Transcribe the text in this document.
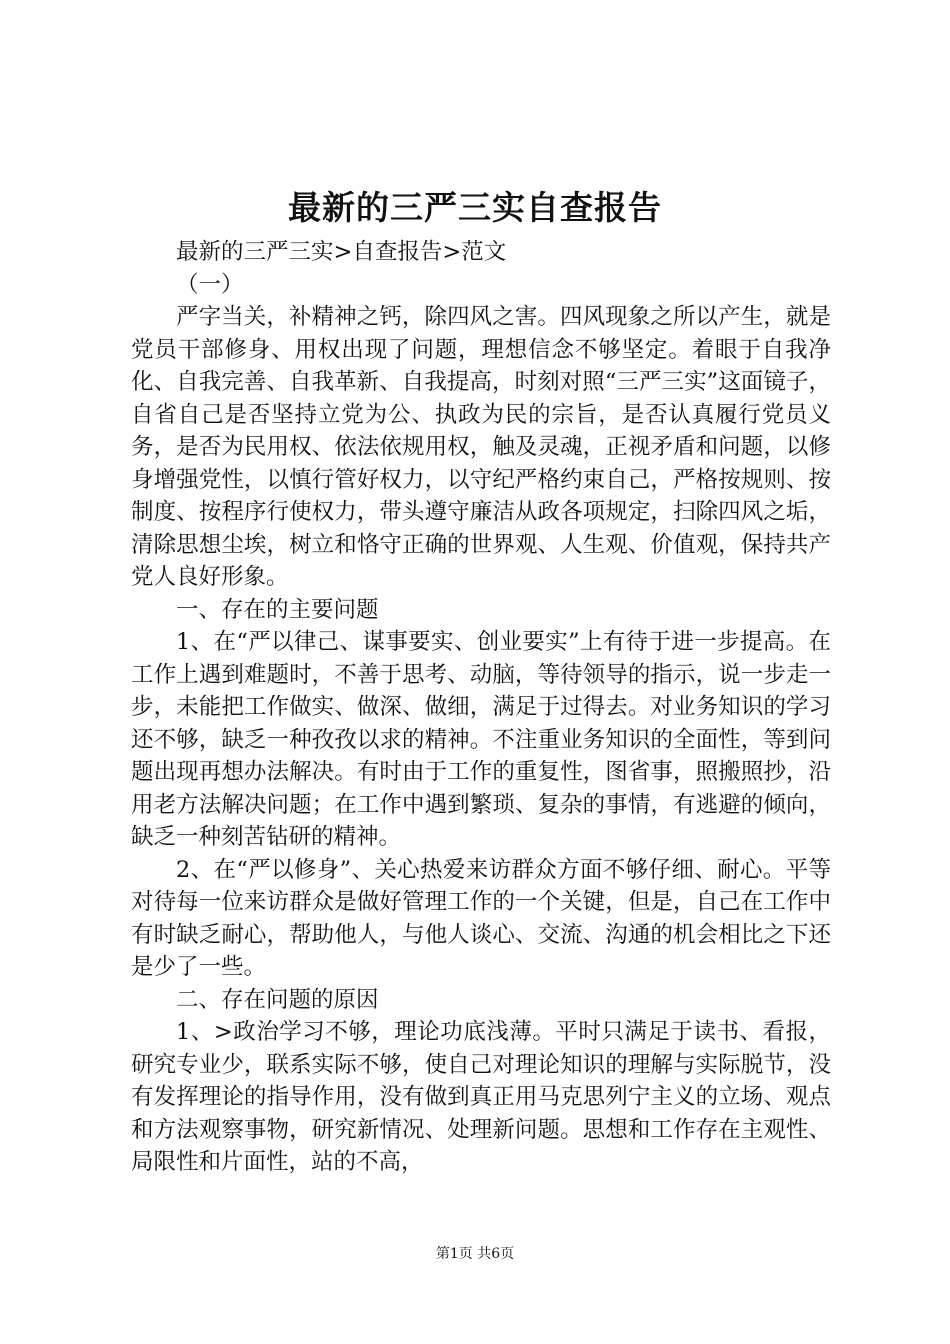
最新的三严三实自查报告

最新的三严三实>自查报告>范文

（一）

严字当关，补精神之钙，除四风之害。四风现象之所以产生，就是党员干部修身、用权出现了问题，理想信念不够坚定。着眼于自我净化、自我完善、自我革新、自我提高，时刻对照“三严三实”这面镜子，自省自己是否坚持立党为公、执政为民的宗旨，是否认真履行党员义务，是否为民用权、依法依规用权，触及灵魂，正视矛盾和问题，以修身增强党性，以慎行管好权力，以守纪严格约束自己，严格按规则、按制度、按程序行使权力，带头遵守廉洁从政各项规定，扫除四风之垢，清除思想尘埃，树立和恪守正确的世界观、人生观、价值观，保持共产党人良好形象。

一、存在的主要问题

1、在“严以律己、谋事要实、创业要实”上有待于进一步提高。在工作上遇到难题时，不善于思考、动脑，等待领导的指示，说一步走一步，未能把工作做实、做深、做细，满足于过得去。对业务知识的学习还不够，缺乏一种孜孜以求的精神。不注重业务知识的全面性，等到问题出现再想办法解决。有时由于工作的重复性，图省事，照搬照抄，沿用老方法解决问题；在工作中遇到繁琐、复杂的事情，有逃避的倾向，缺乏一种刻苦钻研的精神。

2、在“严以修身”、关心热爱来访群众方面不够仔细、耐心。平等对待每一位来访群众是做好管理工作的一个关键，但是，自己在工作中有时缺乏耐心，帮助他人，与他人谈心、交流、沟通的机会相比之下还是少了一些。

二、存在问题的原因

1、>政治学习不够，理论功底浅薄。平时只满足于读书、看报，研究专业少，联系实际不够，使自己对理论知识的理解与实际脱节，没有发挥理论的指导作用，没有做到真正用马克思列宁主义的立场、观点和方法观察事物，研究新情况、处理新问题。思想和工作存在主观性、局限性和片面性，站的不高，

第1页 共6页
